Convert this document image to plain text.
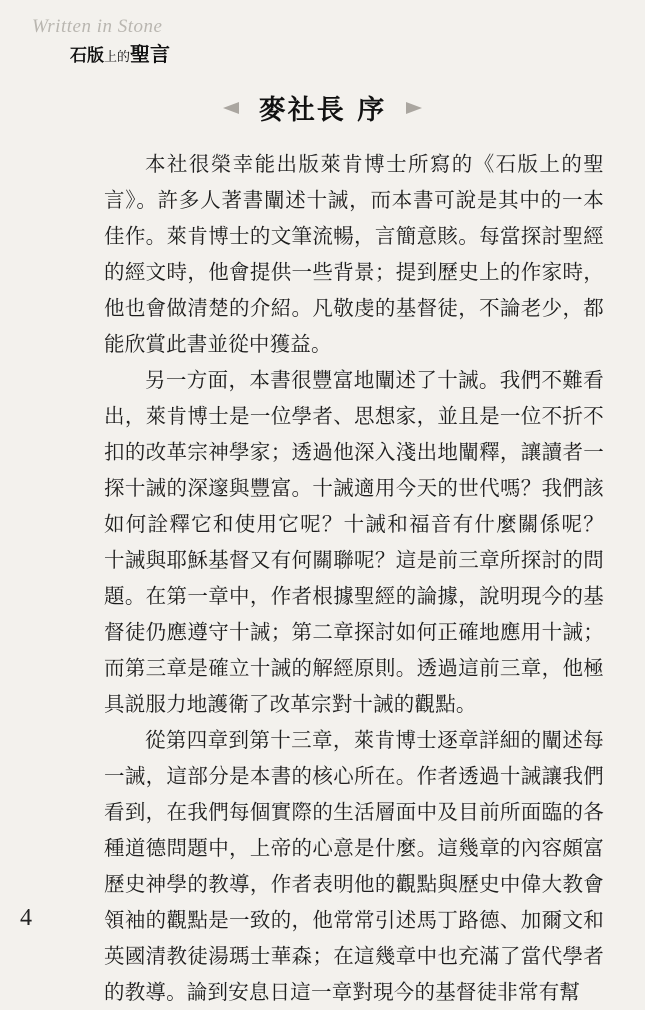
Written in Stone
石版上的聖言
麥社長 序

本社很榮幸能出版萊肯博士所寫的《石版上的聖言》。許多人著書闡述十誡，而本書可說是其中的一本佳作。萊肯博士的文筆流暢，言簡意賅。每當探討聖經的經文時，他會提供一些背景；提到歷史上的作家時，他也會做清楚的介紹。凡敬虔的基督徒，不論老少，都能欣賞此書並從中獲益。

另一方面，本書很豐富地闡述了十誡。我們不難看出，萊肯博士是一位學者、思想家，並且是一位不折不扣的改革宗神學家；透過他深入淺出地闡釋，讓讀者一探十誡的深邃與豐富。十誡適用今天的世代嗎？我們該如何詮釋它和使用它呢？十誡和福音有什麼關係呢？ 十誡與耶穌基督又有何關聯呢？這是前三章所探討的問題。在第一章中，作者根據聖經的論據，說明現今的基督徒仍應遵守十誡；第二章探討如何正確地應用十誡；而第三章是確立十誡的解經原則。透過這前三章，他極具説服力地護衛了改革宗對十誡的觀點。

從第四章到第十三章，萊肯博士逐章詳細的闡述每一誡，這部分是本書的核心所在。作者透過十誡讓我們看到，在我們每個實際的生活層面中及目前所面臨的各種道德問題中，上帝的心意是什麼。這幾章的內容頗富歷史神學的教導，作者表明他的觀點與歷史中偉大教會領袖的觀點是一致的，他常常引述馬丁路德、加爾文和英國清教徒湯瑪士華森；在這幾章中也充滿了當代學者的教導。論到安息日這一章對現今的基督徒非常有幫

4
